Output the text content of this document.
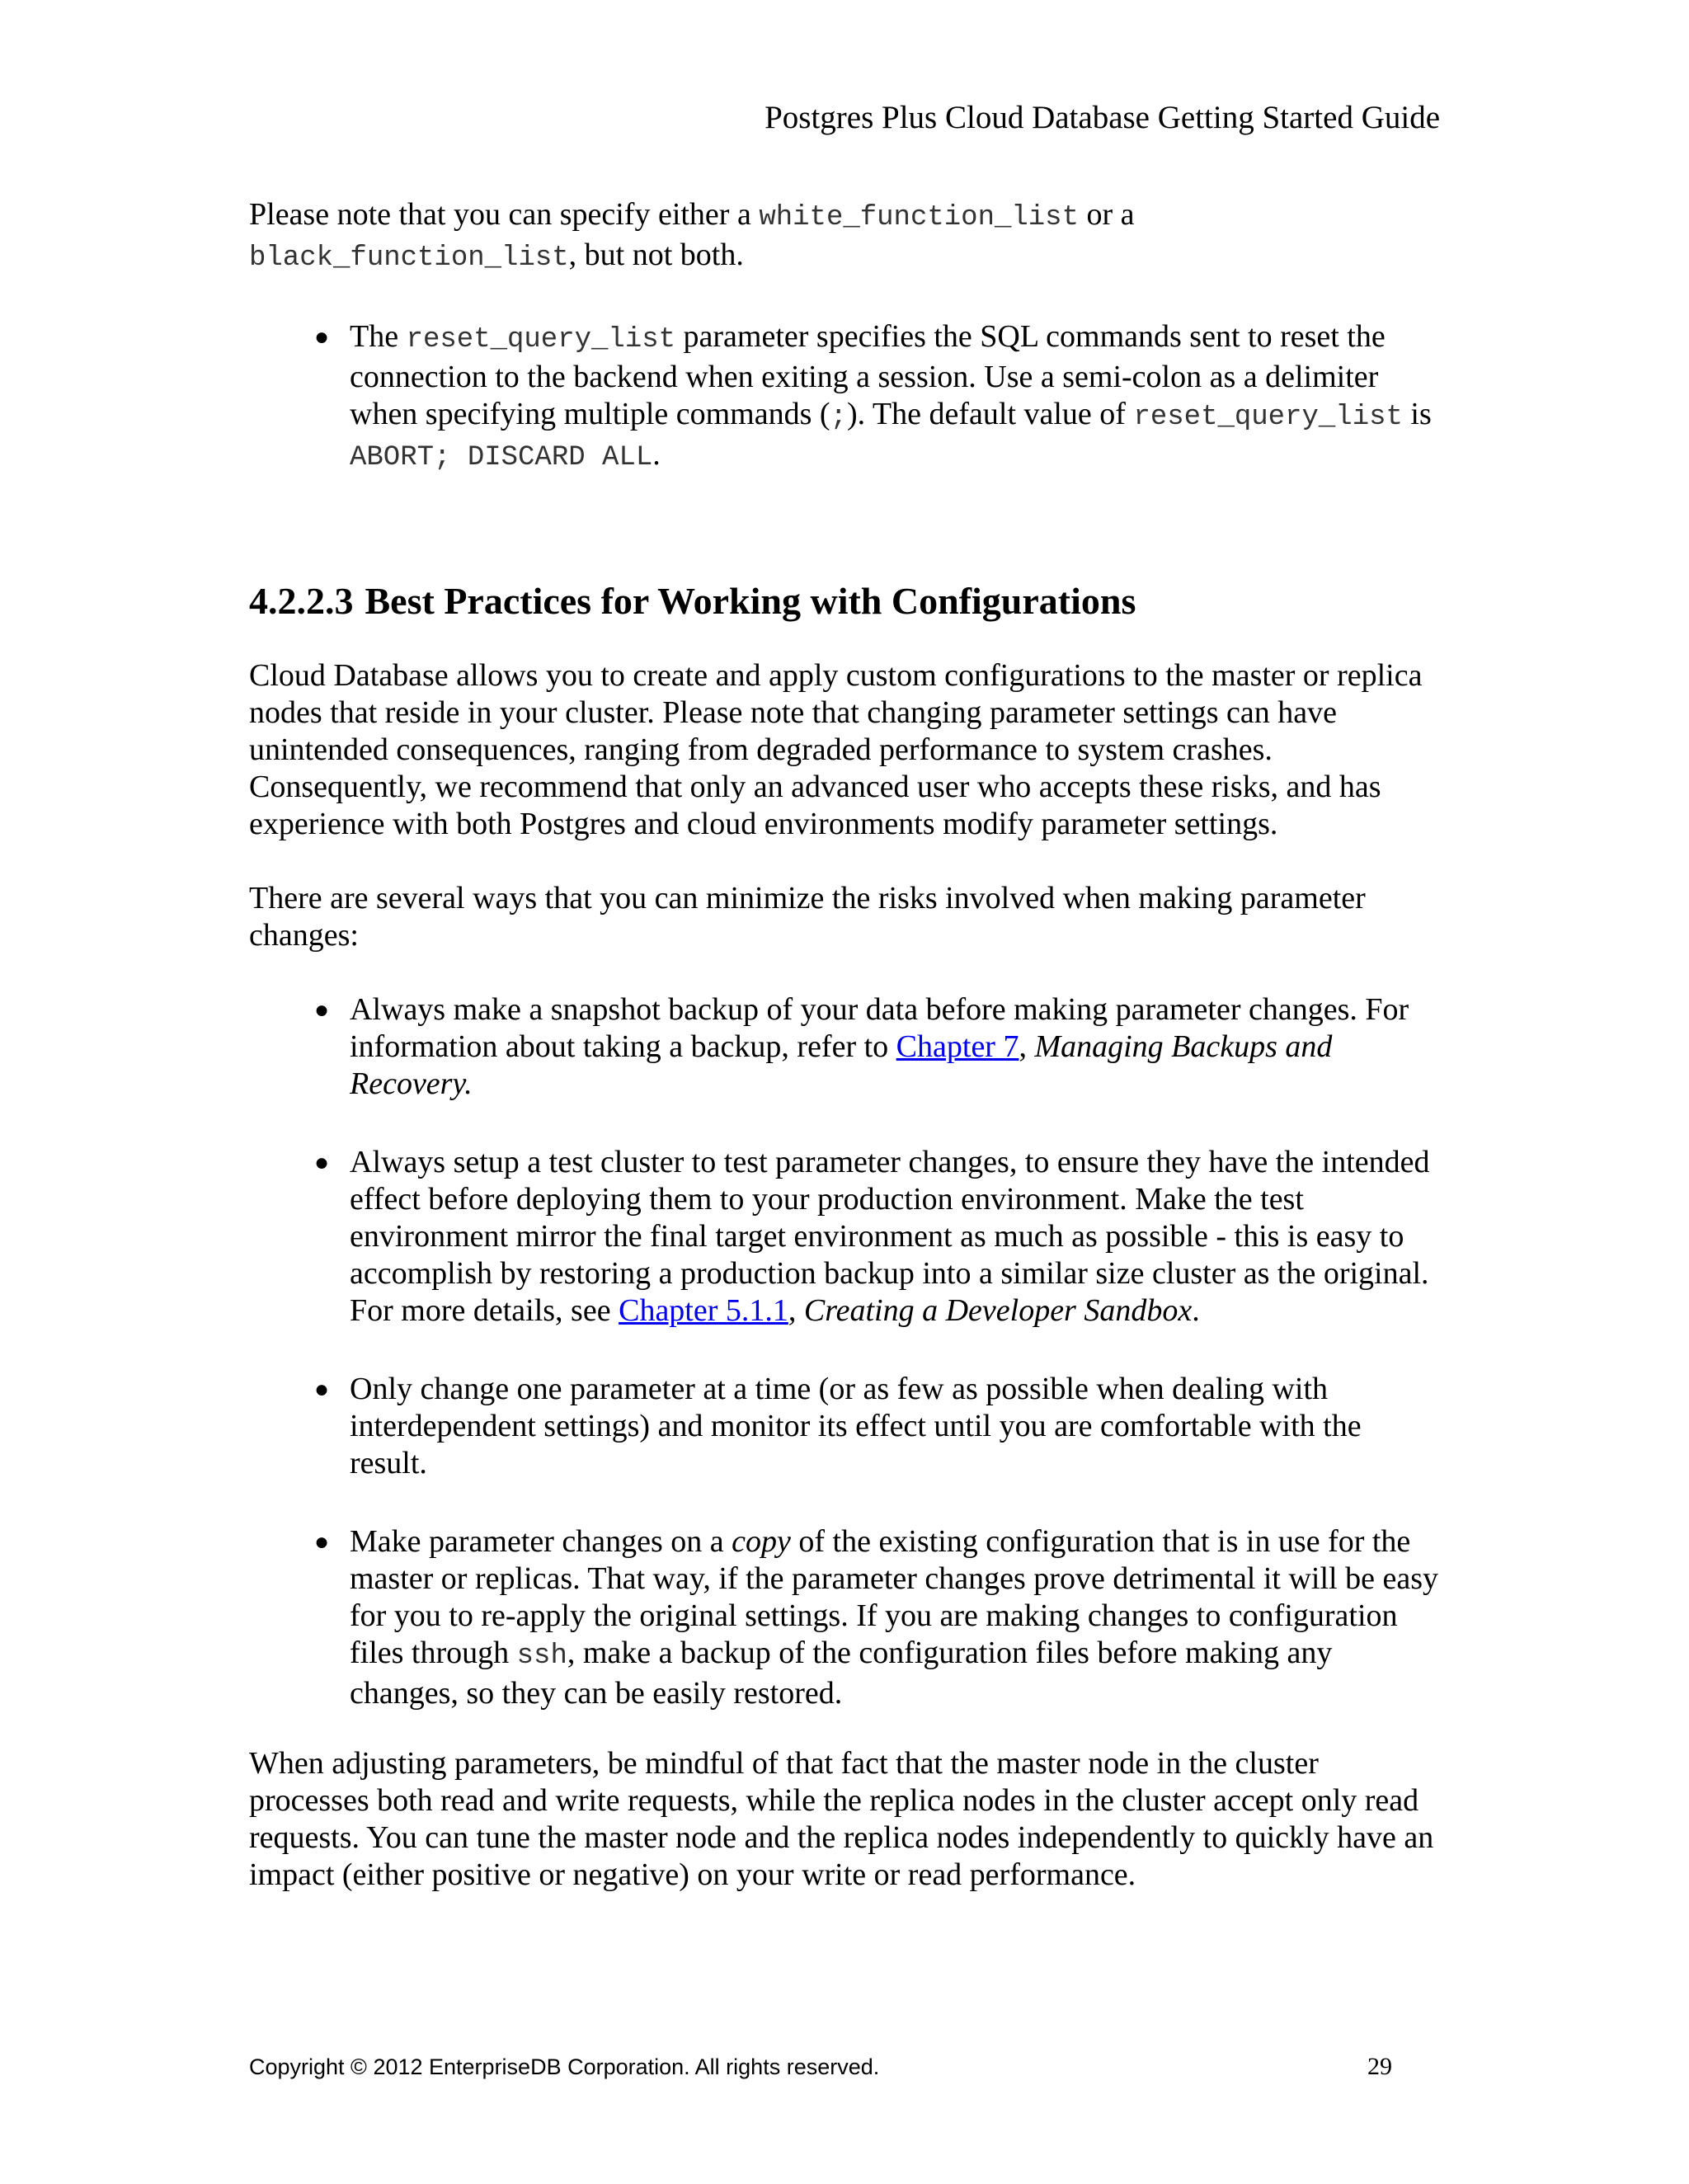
Postgres Plus Cloud Database Getting Started Guide

Please note that you can specify either a white_function_list or a
black_function_list, but not both.

● The reset_query_list parameter specifies the SQL commands sent to reset the connection to the backend when exiting a session. Use a semi-colon as a delimiter when specifying multiple commands (;). The default value of reset_query_list is ABORT; DISCARD ALL.

4.2.2.3 Best Practices for Working with Configurations

Cloud Database allows you to create and apply custom configurations to the master or replica nodes that reside in your cluster. Please note that changing parameter settings can have unintended consequences, ranging from degraded performance to system crashes. Consequently, we recommend that only an advanced user who accepts these risks, and has experience with both Postgres and cloud environments modify parameter settings.

There are several ways that you can minimize the risks involved when making parameter changes:

● Always make a snapshot backup of your data before making parameter changes. For information about taking a backup, refer to Chapter 7, Managing Backups and Recovery.
● Always setup a test cluster to test parameter changes, to ensure they have the intended effect before deploying them to your production environment. Make the test environment mirror the final target environment as much as possible - this is easy to accomplish by restoring a production backup into a similar size cluster as the original. For more details, see Chapter 5.1.1, Creating a Developer Sandbox.
● Only change one parameter at a time (or as few as possible when dealing with interdependent settings) and monitor its effect until you are comfortable with the result.
● Make parameter changes on a copy of the existing configuration that is in use for the master or replicas. That way, if the parameter changes prove detrimental it will be easy for you to re-apply the original settings. If you are making changes to configuration files through ssh, make a backup of the configuration files before making any changes, so they can be easily restored.

When adjusting parameters, be mindful of that fact that the master node in the cluster processes both read and write requests, while the replica nodes in the cluster accept only read requests. You can tune the master node and the replica nodes independently to quickly have an impact (either positive or negative) on your write or read performance.

Copyright © 2012 EnterpriseDB Corporation. All rights reserved.	29
